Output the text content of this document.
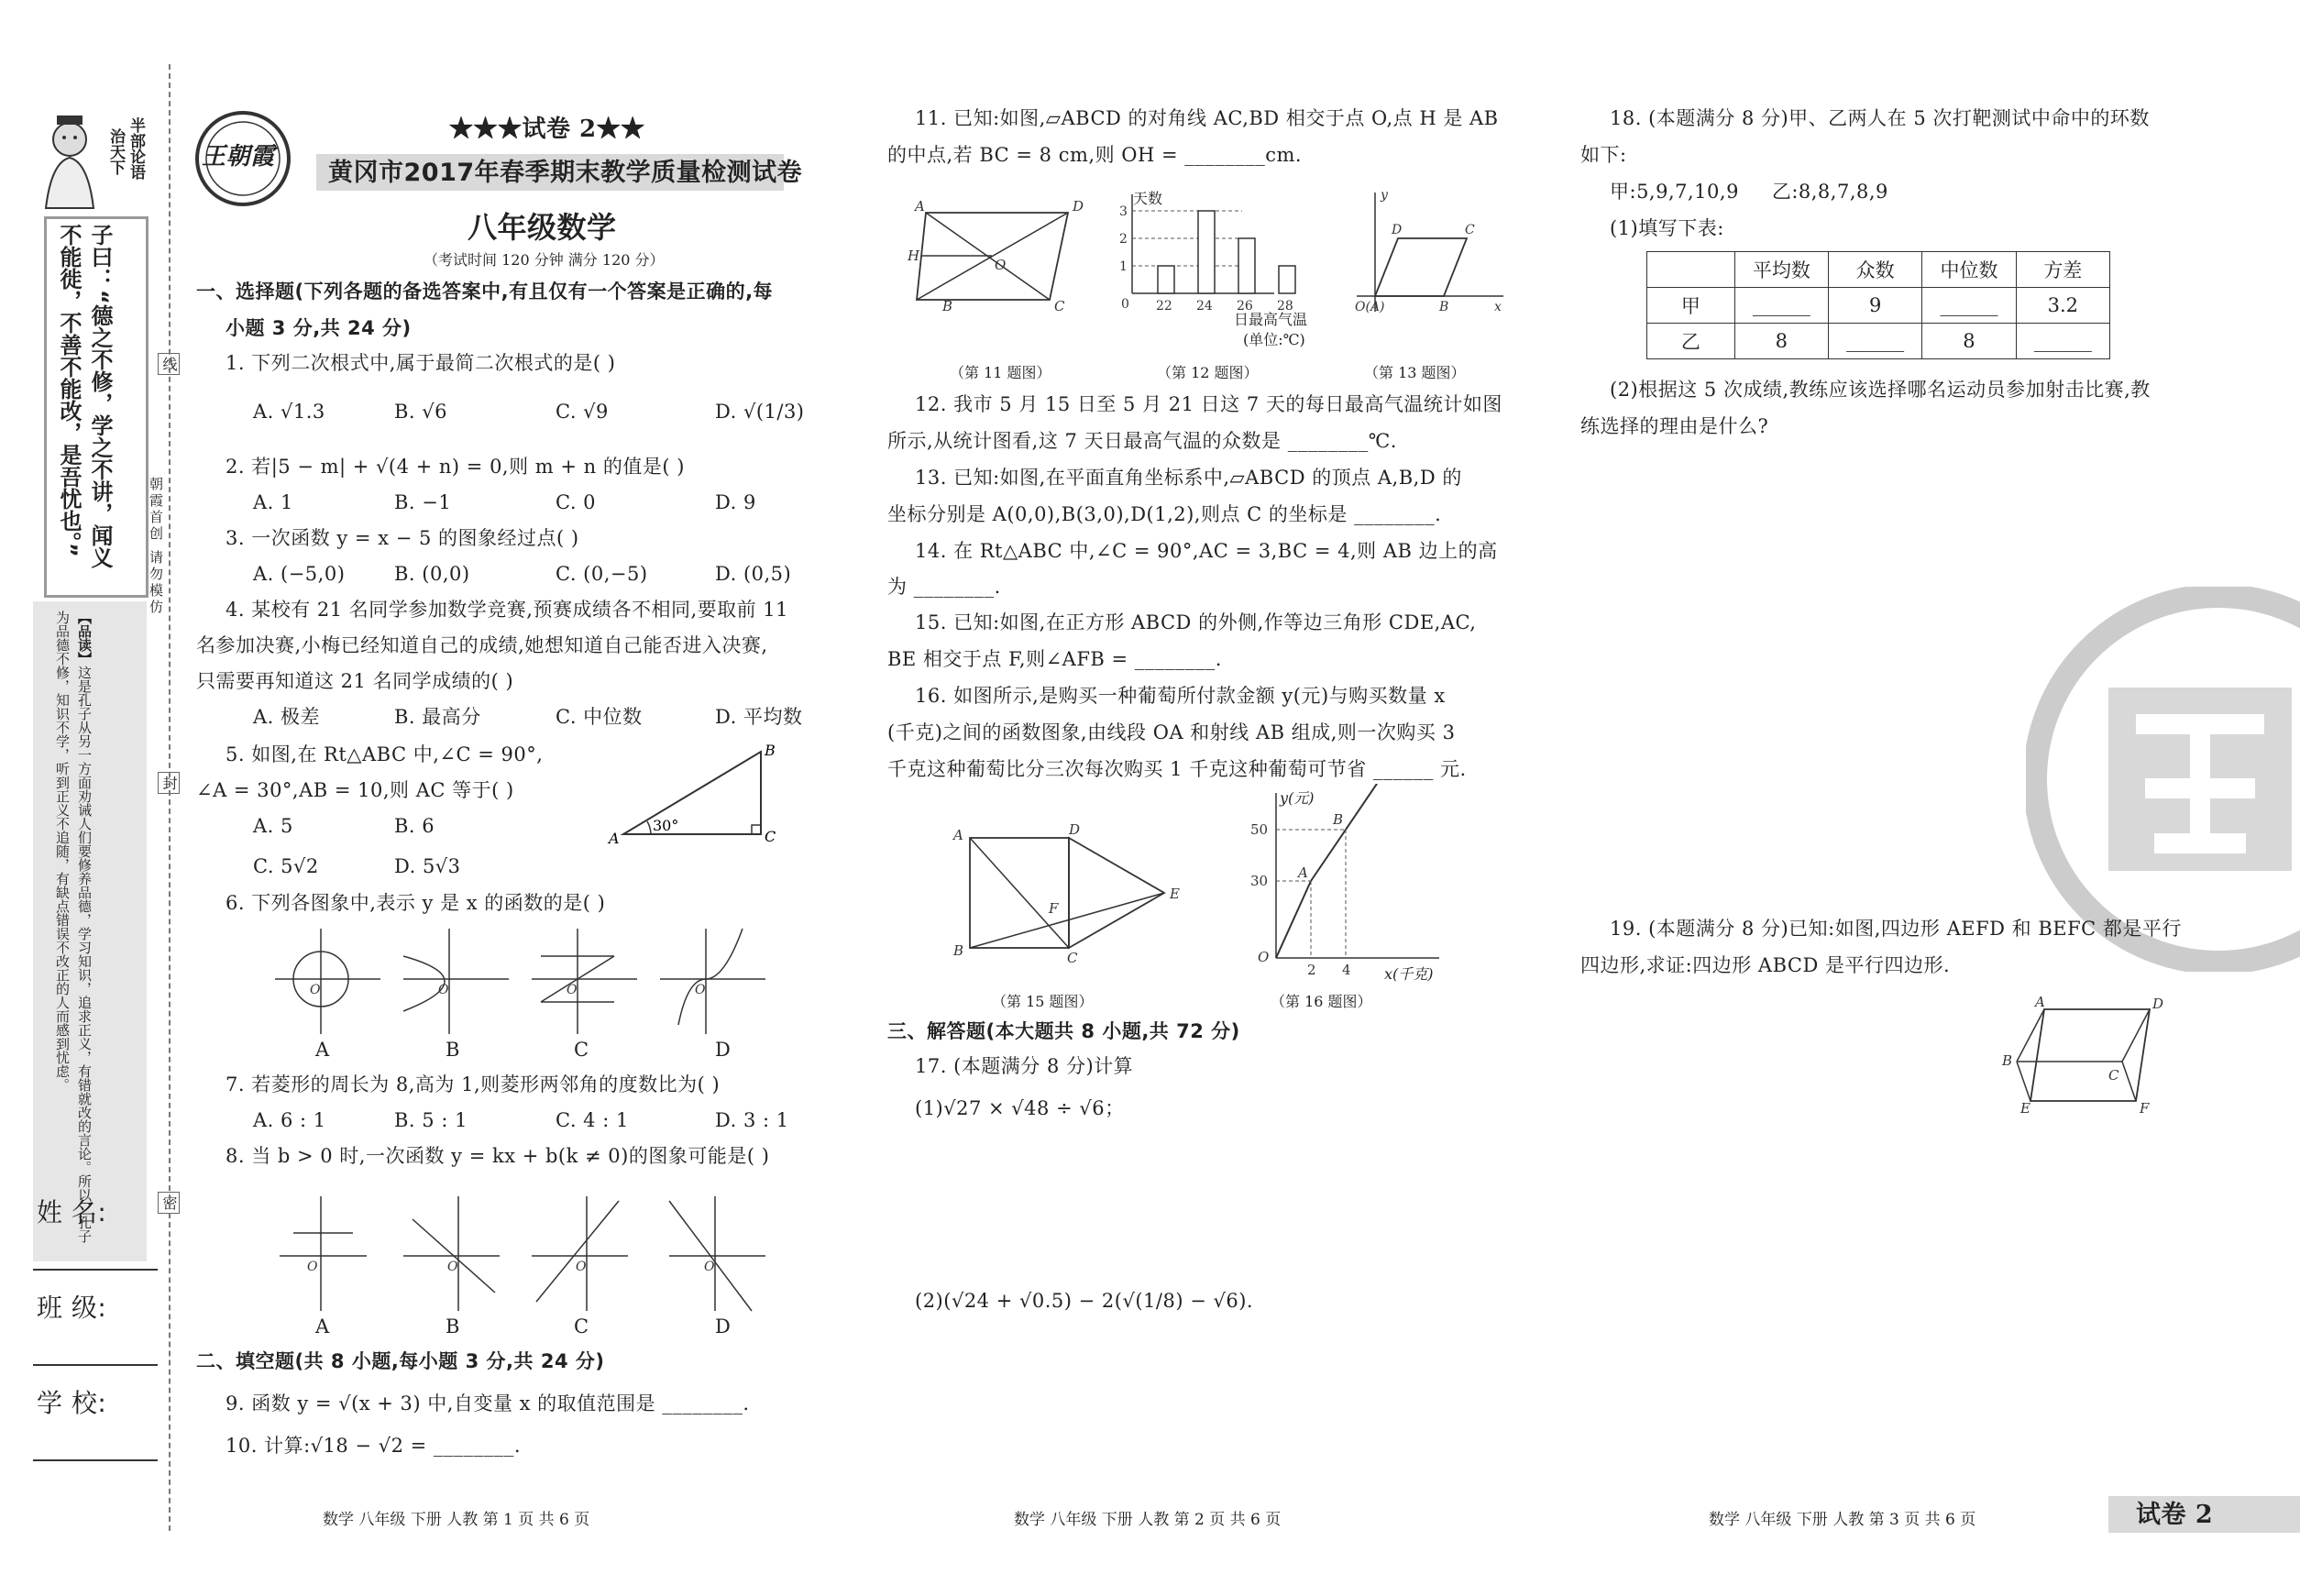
半部论语
治天下
子曰：“德之不修，学之不讲，闻义不能徙，不善不能改，是吾忧也。”
【品读】这是孔子从另一方面劝诫人们要修养品德，学习知识，追求正义，有错就改的言论。所以，孔子为品德不修，知识不学，听到正义不追随，有缺点错误不改正的人而感到忧虑。
线
朝霞首创 请勿模仿
封
密
姓 名:
班 级:
学 校:
王朝霞
★★★试卷 2★★
黄冈市2017年春季期末教学质量检测试卷
八年级数学
（考试时间 120 分钟 满分 120 分）
一、选择题(下列各题的备选答案中,有且仅有一个答案是正确的,每
小题 3 分,共 24 分)
1. 下列二次根式中,属于最简二次根式的是( )
A. √1.3	B. √6	C. √9	D. √(1/3)
2. 若|5 − m| + √(4 + n) = 0,则 m + n 的值是( )
A. 1	B. −1	C. 0	D. 9
3. 一次函数 y = x − 5 的图象经过点( )
A. (−5,0)	B. (0,0)	C. (0,−5)	D. (0,5)
4. 某校有 21 名同学参加数学竞赛,预赛成绩各不相同,要取前 11
名参加决赛,小梅已经知道自己的成绩,她想知道自己能否进入决赛,
只需要再知道这 21 名同学成绩的( )
A. 极差	B. 最高分	C. 中位数	D. 平均数
5. 如图,在 Rt△ABC 中,∠C = 90°,
∠A = 30°,AB = 10,则 AC 等于( )
A. 5	B. 6
C. 5√2	D. 5√3
30°
A
B
C
6. 下列各图象中,表示 y 是 x 的函数的是( )
O	O	O	O
A	B	C	D
7. 若菱形的周长为 8,高为 1,则菱形两邻角的度数比为( )
A. 6 : 1	B. 5 : 1	C. 4 : 1	D. 3 : 1
8. 当 b > 0 时,一次函数 y = kx + b(k ≠ 0)的图象可能是( )
O	O	O	O
A	B	C	D
二、填空题(共 8 小题,每小题 3 分,共 24 分)
9. 函数 y = √(x + 3) 中,自变量 x 的取值范围是 ________.
10. 计算:√18 − √2 = ________.
数学 八年级 下册 人教 第 1 页 共 6 页
11. 已知:如图,▱ABCD 的对角线 AC,BD 相交于点 O,点 H 是 AB
的中点,若 BC = 8 cm,则 OH = ________cm.
A	D
H
O
B	C
1
2
3
0 22 24 26 28
天数
日最高气温
(单位:℃)
y
x
D	C
O(A)	B
（第 11 题图）	（第 12 题图）	（第 13 题图）
12. 我市 5 月 15 日至 5 月 21 日这 7 天的每日最高气温统计如图
所示,从统计图看,这 7 天日最高气温的众数是 ________℃.
13. 已知:如图,在平面直角坐标系中,▱ABCD 的顶点 A,B,D 的
坐标分别是 A(0,0),B(3,0),D(1,2),则点 C 的坐标是 ________.
14. 在 Rt△ABC 中,∠C = 90°,AC = 3,BC = 4,则 AB 边上的高
为 ________.
15. 已知:如图,在正方形 ABCD 的外侧,作等边三角形 CDE,AC,
BE 相交于点 F,则∠AFB = ________.
16. 如图所示,是购买一种葡萄所付款金额 y(元)与购买数量 x
(千克)之间的函数图象,由线段 OA 和射线 AB 组成,则一次购买 3
千克这种葡萄比分三次每次购买 1 千克这种葡萄可节省 ______ 元.
A	D
E
F
B	C
30
50
2 4
A
B
O
y(元)
x(千克)
（第 15 题图）	（第 16 题图）
三、解答题(本大题共 8 小题,共 72 分)
17. (本题满分 8 分)计算
(1)√27 × √48 ÷ √6；
(2)(√24 + √0.5) − 2(√(1/8) − √6).
数学 八年级 下册 人教 第 2 页 共 6 页
18. (本题满分 8 分)甲、乙两人在 5 次打靶测试中命中的环数
如下:
甲:5,9,7,10,9     乙:8,8,7,8,9
(1)填写下表:
	平均数	众数	中位数	方差
甲	______	9	______	3.2
乙	8	______	8	______
(2)根据这 5 次成绩,教练应该选择哪名运动员参加射击比赛,教
练选择的理由是什么?
19. (本题满分 8 分)已知:如图,四边形 AEFD 和 BEFC 都是平行
四边形,求证:四边形 ABCD 是平行四边形.
A	D
B
C
E	F
数学 八年级 下册 人教 第 3 页 共 6 页	试卷 2
